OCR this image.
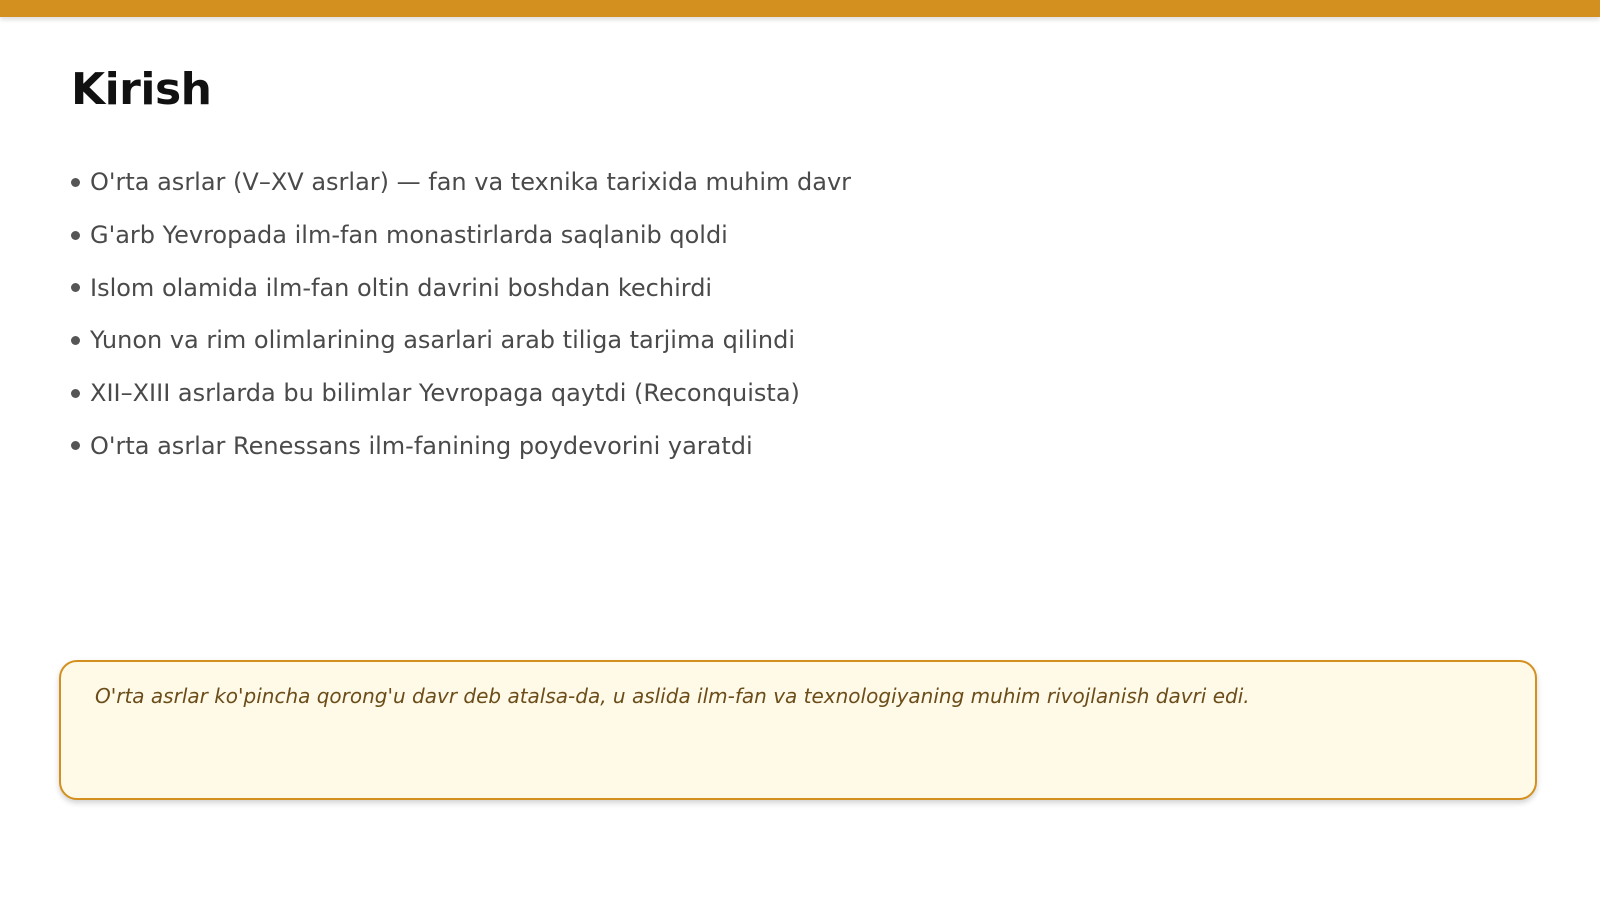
Kirish
O'rta asrlar (V–XV asrlar) — fan va texnika tarixida muhim davr
G'arb Yevropada ilm-fan monastirlarda saqlanib qoldi
Islom olamida ilm-fan oltin davrini boshdan kechirdi
Yunon va rim olimlarining asarlari arab tiliga tarjima qilindi
XII–XIII asrlarda bu bilimlar Yevropaga qaytdi (Reconquista)
O'rta asrlar Renessans ilm-fanining poydevorini yaratdi

O'rta asrlar ko'pincha qorong'u davr deb atalsa-da, u aslida ilm-fan va texnologiyaning muhim rivojlanish davri edi.
